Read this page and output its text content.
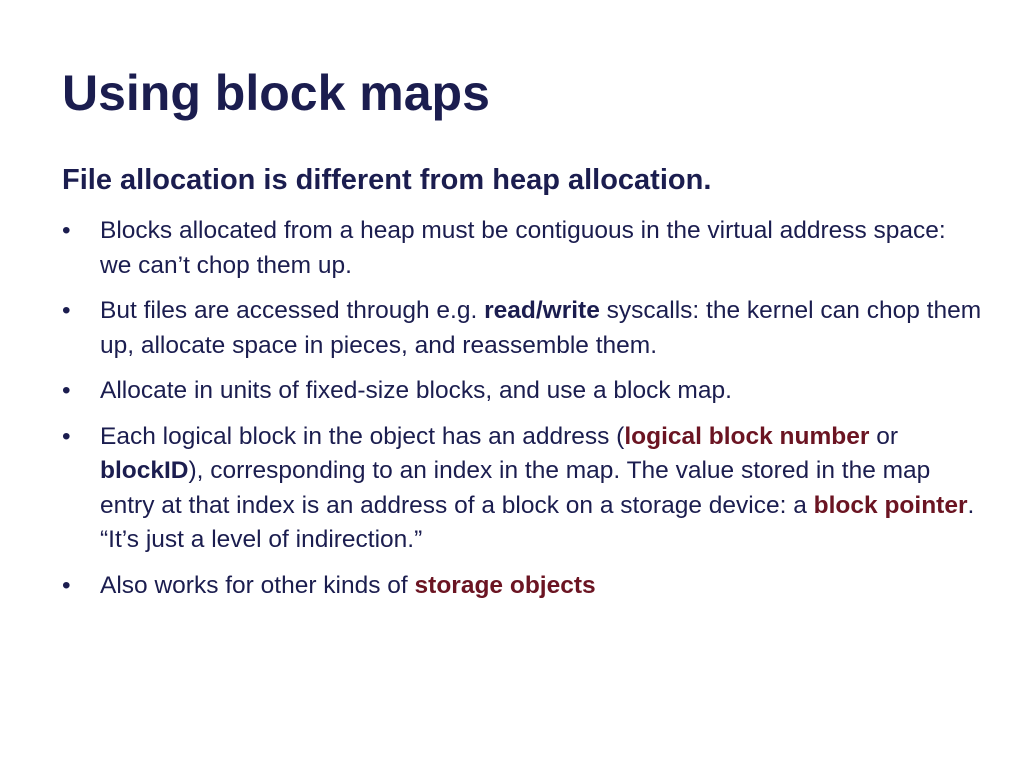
Using block maps
File allocation is different from heap allocation.
•	Blocks allocated from a heap must be contiguous in the virtual address space: we can’t chop them up.
•	But files are accessed through e.g. read/write syscalls: the kernel can chop them up, allocate space in pieces, and reassemble them.
•	Allocate in units of fixed-size blocks, and use a block map.
•	Each logical block in the object has an address (logical block number or blockID), corresponding to an index in the map. The value stored in the map entry at that index is an address of a block on a storage device: a block pointer. “It’s just a level of indirection.”
•	Also works for other kinds of storage objects
